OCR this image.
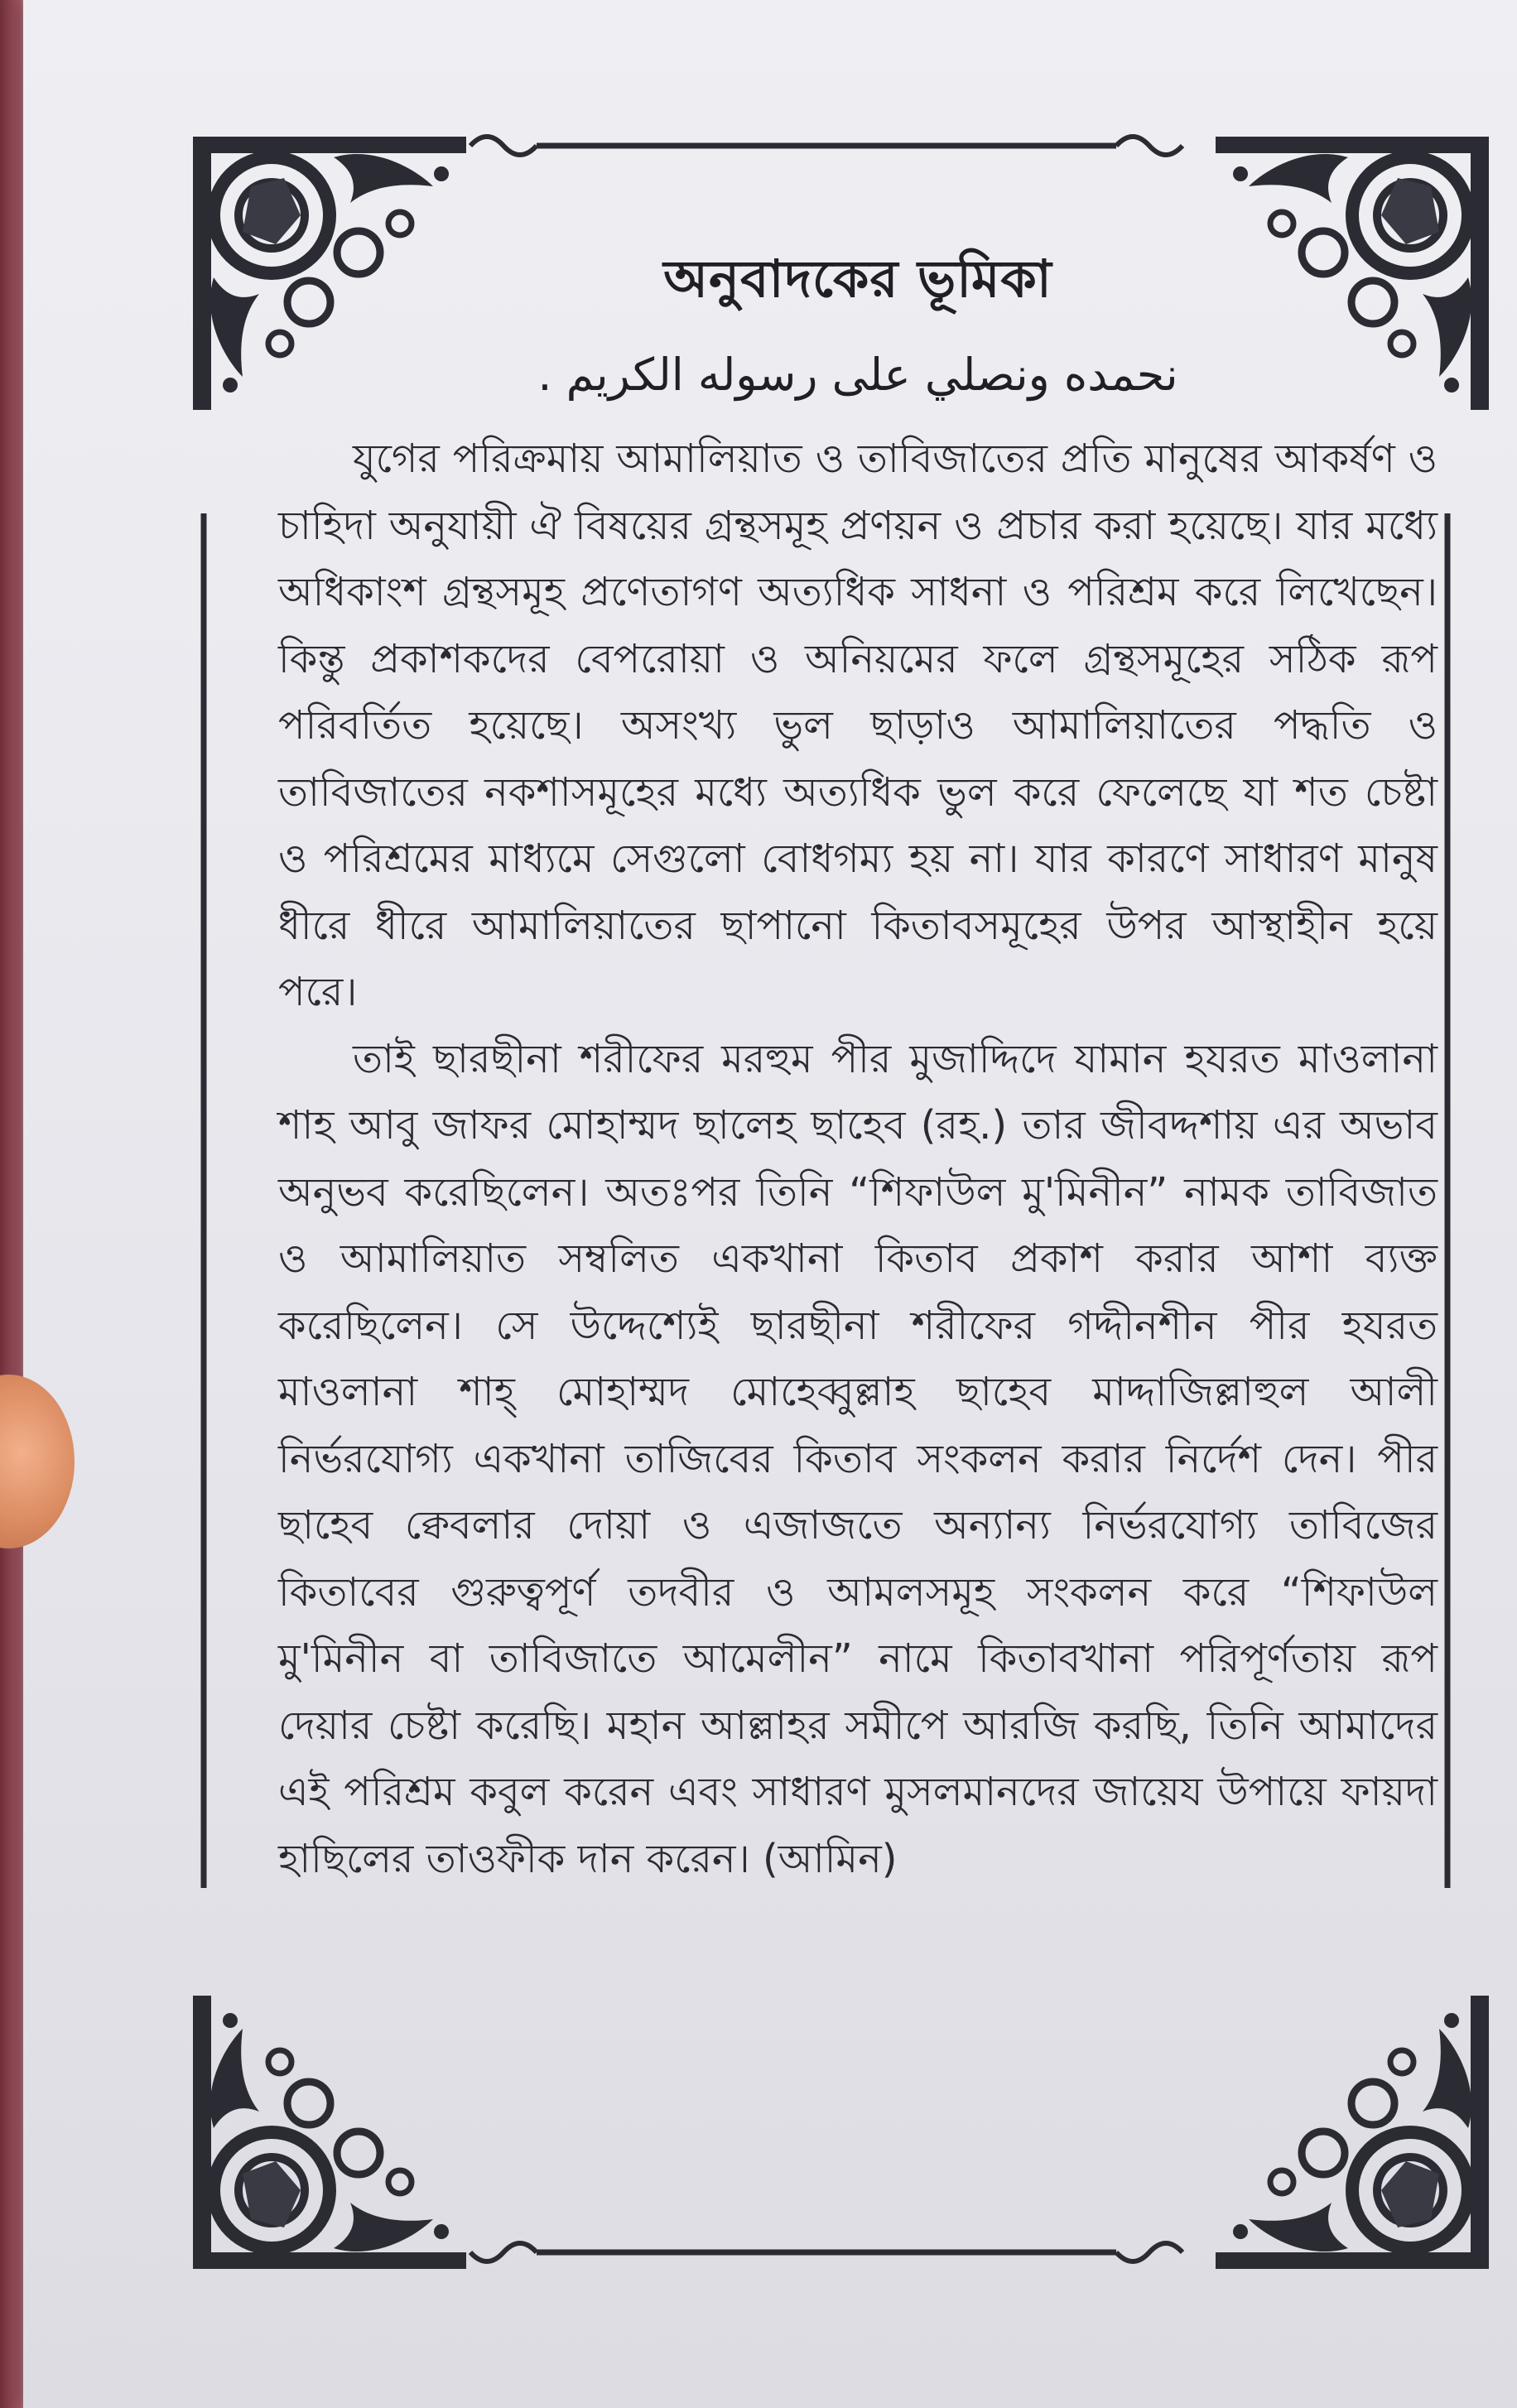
অনুবাদকের ভূমিকা
نحمده ونصلي على رسوله الكريم .

যুগের পরিক্রমায় আমালিয়াত ও তাবিজাতের প্রতি মানুষের আকর্ষণ ও চাহিদা অনুযায়ী ঐ বিষয়ের গ্রন্থসমূহ প্রণয়ন ও প্রচার করা হয়েছে। যার মধ্যে অধিকাংশ গ্রন্থসমূহ প্রণেতাগণ অত্যধিক সাধনা ও পরিশ্রম করে লিখেছেন। কিন্তু প্রকাশকদের বেপরোয়া ও অনিয়মের ফলে গ্রন্থসমূহের সঠিক রূপ পরিবর্তিত হয়েছে। অসংখ্য ভুল ছাড়াও আমালিয়াতের পদ্ধতি ও তাবিজাতের নকশাসমূহের মধ্যে অত্যধিক ভুল করে ফেলেছে যা শত চেষ্টা ও পরিশ্রমের মাধ্যমে সেগুলো বোধগম্য হয় না। যার কারণে সাধারণ মানুষ ধীরে ধীরে আমালিয়াতের ছাপানো কিতাবসমূহের উপর আস্থাহীন হয়ে পরে।

তাই ছারছীনা শরীফের মরহুম পীর মুজাদ্দিদে যামান হযরত মাওলানা শাহ আবু জাফর মোহাম্মদ ছালেহ ছাহেব (রহ.) তার জীবদ্দশায় এর অভাব অনুভব করেছিলেন। অতঃপর তিনি “শিফাউল মু'মিনীন” নামক তাবিজাত ও আমালিয়াত সম্বলিত একখানা কিতাব প্রকাশ করার আশা ব্যক্ত করেছিলেন। সে উদ্দেশ্যেই ছারছীনা শরীফের গদ্দীনশীন পীর হযরত মাওলানা শাহ্ মোহাম্মদ মোহেব্বুল্লাহ ছাহেব মাদ্দাজিল্লাহুল আলী নির্ভরযোগ্য একখানা তাজিবের কিতাব সংকলন করার নির্দেশ দেন। পীর ছাহেব ক্বেবলার দোয়া ও এজাজতে অন্যান্য নির্ভরযোগ্য তাবিজের কিতাবের গুরুত্বপূর্ণ তদবীর ও আমলসমূহ সংকলন করে “শিফাউল মু'মিনীন বা তাবিজাতে আমেলীন” নামে কিতাবখানা পরিপূর্ণতায় রূপ দেয়ার চেষ্টা করেছি। মহান আল্লাহর সমীপে আরজি করছি, তিনি আমাদের এই পরিশ্রম কবুল করেন এবং সাধারণ মুসলমানদের জায়েয উপায়ে ফায়দা হাছিলের তাওফীক দান করেন। (আমিন)
